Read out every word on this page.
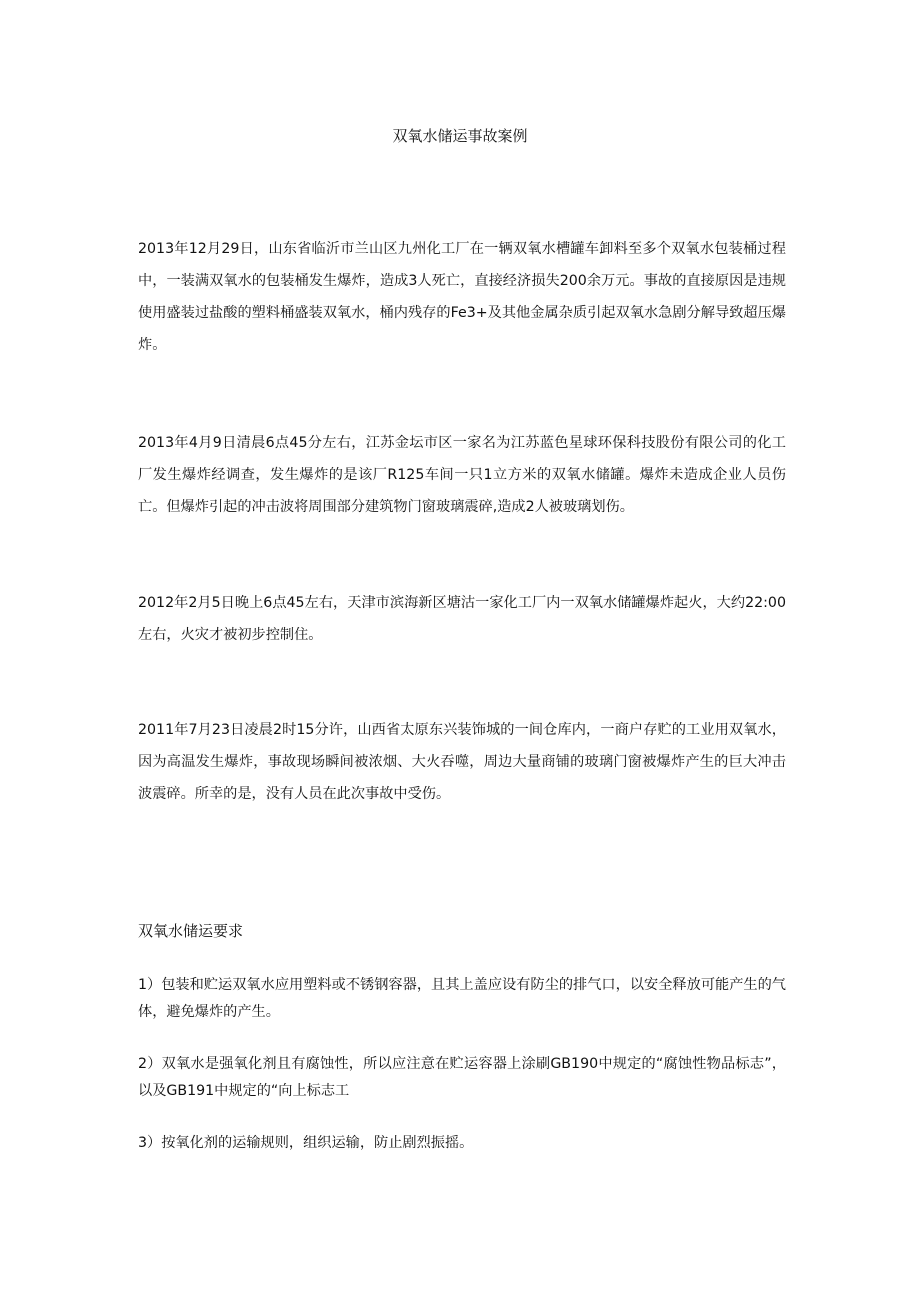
双氧水储运事故案例

2013年12月29日，山东省临沂市兰山区九州化工厂在一辆双氧水槽罐车卸料至多个双氧水包装桶过程中，一装满双氧水的包装桶发生爆炸，造成3人死亡，直接经济损失200余万元。事故的直接原因是违规使用盛装过盐酸的塑料桶盛装双氧水，桶内残存的Fe3+及其他金属杂质引起双氧水急剧分解导致超压爆炸。

2013年4月9日清晨6点45分左右，江苏金坛市区一家名为江苏蓝色星球环保科技股份有限公司的化工厂发生爆炸经调查，发生爆炸的是该厂R125车间一只1立方米的双氧水储罐。爆炸未造成企业人员伤亡。但爆炸引起的冲击波将周围部分建筑物门窗玻璃震碎,造成2人被玻璃划伤。

2012年2月5日晚上6点45左右，天津市滨海新区塘沽一家化工厂内一双氧水储罐爆炸起火，大约22:00左右，火灾才被初步控制住。

2011年7月23日凌晨2时15分许，山西省太原东兴装饰城的一间仓库内，一商户存贮的工业用双氧水，因为高温发生爆炸，事故现场瞬间被浓烟、大火吞噬，周边大量商铺的玻璃门窗被爆炸产生的巨大冲击波震碎。所幸的是，没有人员在此次事故中受伤。

双氧水储运要求

1）包装和贮运双氧水应用塑料或不锈钢容器，且其上盖应设有防尘的排气口，以安全释放可能产生的气体，避免爆炸的产生。

2）双氧水是强氧化剂且有腐蚀性，所以应注意在贮运容器上涂刷GB190中规定的“腐蚀性物品标志”，以及GB191中规定的“向上标志工

3）按氧化剂的运输规则，组织运输，防止剧烈振摇。
